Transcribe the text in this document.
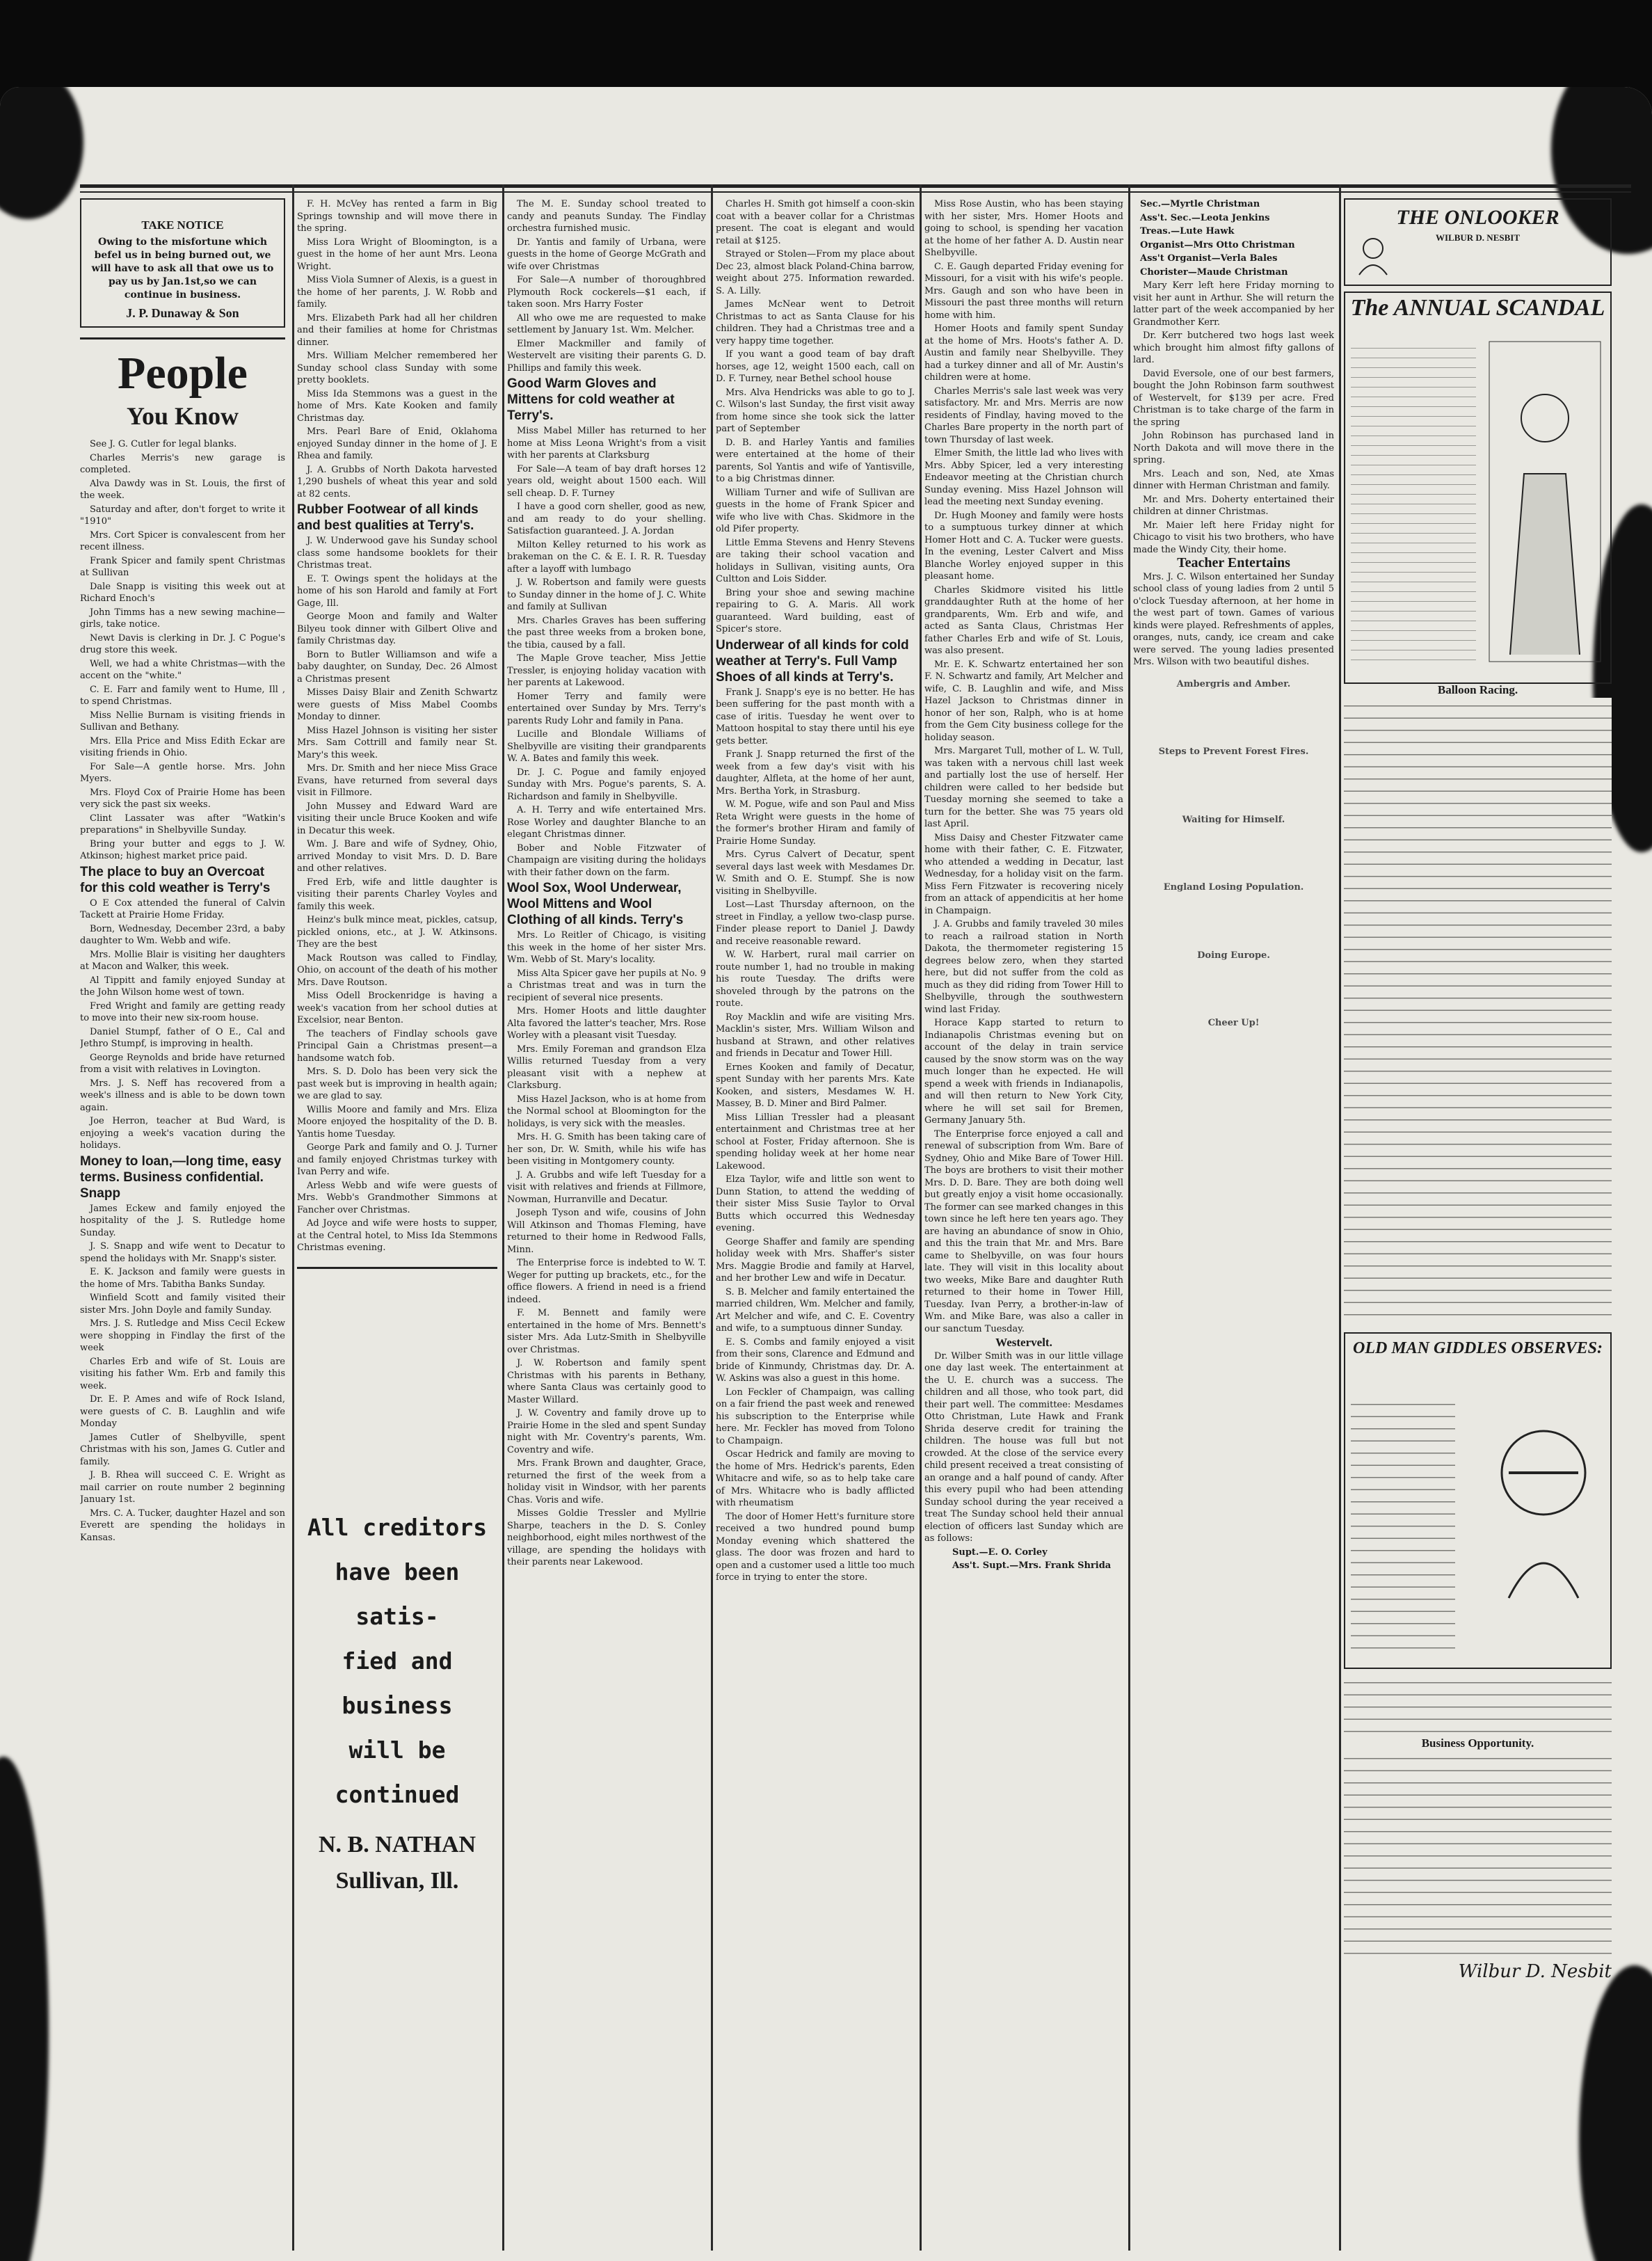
TAKE NOTICE
Owing to the misfortune which befel us in being burned out, we will have to ask all that owe us to pay us by Jan.1st,so we can continue in business.
J. P. Dunaway & Son
People
You Know

See J. G. Cutler for legal blanks.

Charles Merris's new garage is completed.

Alva Dawdy was in St. Louis, the first of the week.

Saturday and after, don't forget to write it "1910"

Mrs. Cort Spicer is convalescent from her recent illness.

Frank Spicer and family spent Christmas at Sullivan

Dale Snapp is visiting this week out at Richard Enoch's

John Timms has a new sewing machine—girls, take notice.

Newt Davis is clerking in Dr. J. C Pogue's drug store this week.

Well, we had a white Christmas—with the accent on the "white."

C. E. Farr and family went to Hume, Ill , to spend Christmas.

Miss Nellie Burnam is visiting friends in Sullivan and Bethany.

Mrs. Ella Price and Miss Edith Eckar are visiting friends in Ohio.

For Sale—A gentle horse. Mrs. John Myers.

Mrs. Floyd Cox of Prairie Home has been very sick the past six weeks.

Clint Lassater was after "Watkin's preparations" in Shelbyville Sunday.

Bring your butter and eggs to J. W. Atkinson; highest market price paid.

The place to buy an Overcoat for this cold weather is Terry's

O E Cox attended the funeral of Calvin Tackett at Prairie Home Friday.

Born, Wednesday, December 23rd, a baby daughter to Wm. Webb and wife.

Mrs. Mollie Blair is visiting her daughters at Macon and Walker, this week.

Al Tippitt and family enjoyed Sunday at the John Wilson home west of town.

Fred Wright and family are getting ready to move into their new six-room house.

Daniel Stumpf, father of O E., Cal and Jethro Stumpf, is improving in health.

George Reynolds and bride have returned from a visit with relatives in Lovington.

Mrs. J. S. Neff has recovered from a week's illness and is able to be down town again.

Joe Herron, teacher at Bud Ward, is enjoying a week's vacation during the holidays.

Money to loan,—long time, easy terms. Business confidential. Snapp

James Eckew and family enjoyed the hospitality of the J. S. Rutledge home Sunday.

J. S. Snapp and wife went to Decatur to spend the holidays with Mr. Snapp's sister.

E. K. Jackson and family were guests in the home of Mrs. Tabitha Banks Sunday.

Winfield Scott and family visited their sister Mrs. John Doyle and family Sunday.

Mrs. J. S. Rutledge and Miss Cecil Eckew were shopping in Findlay the first of the week

Charles Erb and wife of St. Louis are visiting his father Wm. Erb and family this week.

Dr. E. P. Ames and wife of Rock Island, were guests of C. B. Laughlin and wife Monday

James Cutler of Shelbyville, spent Christmas with his son, James G. Cutler and family.

J. B. Rhea will succeed C. E. Wright as mail carrier on route number 2 beginning January 1st.

Mrs. C. A. Tucker, daughter Hazel and son Everett are spending the holidays in Kansas.

F. H. McVey has rented a farm in Big Springs township and will move there in the spring.

Miss Lora Wright of Bloomington, is a guest in the home of her aunt Mrs. Leona Wright.

Miss Viola Sumner of Alexis, is a guest in the home of her parents, J. W. Robb and family.

Mrs. Elizabeth Park had all her children and their families at home for Christmas dinner.

Mrs. William Melcher remembered her Sunday school class Sunday with some pretty booklets.

Miss Ida Stemmons was a guest in the home of Mrs. Kate Kooken and family Christmas day.

Mrs. Pearl Bare of Enid, Oklahoma enjoyed Sunday dinner in the home of J. E Rhea and family.

J. A. Grubbs of North Dakota harvested 1,290 bushels of wheat this year and sold at 82 cents.

Rubber Footwear of all kinds and best qualities at Terry's.

J. W. Underwood gave his Sunday school class some handsome booklets for their Christmas treat.

E. T. Owings spent the holidays at the home of his son Harold and family at Fort Gage, Ill.

George Moon and family and Walter Bilyeu took dinner with Gilbert Olive and family Christmas day.

Born to Butler Williamson and wife a baby daughter, on Sunday, Dec. 26 Almost a Christmas present

Misses Daisy Blair and Zenith Schwartz were guests of Miss Mabel Coombs Monday to dinner.

Miss Hazel Johnson is visiting her sister Mrs. Sam Cottrill and family near St. Mary's this week.

Mrs. Dr. Smith and her niece Miss Grace Evans, have returned from several days visit in Fillmore.

John Mussey and Edward Ward are visiting their uncle Bruce Kooken and wife in Decatur this week.

Wm. J. Bare and wife of Sydney, Ohio, arrived Monday to visit Mrs. D. D. Bare and other relatives.

Fred Erb, wife and little daughter is visiting their parents Charley Voyles and family this week.

Heinz's bulk mince meat, pickles, catsup, pickled onions, etc., at J. W. Atkinsons. They are the best

Mack Routson was called to Findlay, Ohio, on account of the death of his mother Mrs. Dave Routson.

Miss Odell Brockenridge is having a week's vacation from her school duties at Excelsior, near Benton.

The teachers of Findlay schools gave Principal Gain a Christmas present—a handsome watch fob.

Mrs. S. D. Dolo has been very sick the past week but is improving in health again; we are glad to say.

Willis Moore and family and Mrs. Eliza Moore enjoyed the hospitality of the D. B. Yantis home Tuesday.

George Park and family and O. J. Turner and family enjoyed Christmas turkey with Ivan Perry and wife.

Arless Webb and wife were guests of Mrs. Webb's Grandmother Simmons at Fancher over Christmas.

Ad Joyce and wife were hosts to supper, at the Central hotel, to Miss Ida Stemmons Christmas evening.

All creditors
have been satis-
fied and business
will be continued
N. B. NATHAN
Sullivan, Ill.

The M. E. Sunday school treated to candy and peanuts Sunday. The Findlay orchestra furnished music.

Dr. Yantis and family of Urbana, were guests in the home of George McGrath and wife over Christmas

For Sale—A number of thoroughbred Plymouth Rock cockerels—$1 each, if taken soon. Mrs Harry Foster

All who owe me are requested to make settlement by January 1st. Wm. Melcher.

Elmer Mackmiller and family of Westervelt are visiting their parents G. D. Phillips and family this week.

Good Warm Gloves and Mittens for cold weather at Terry's.

Miss Mabel Miller has returned to her home at Miss Leona Wright's from a visit with her parents at Clarksburg

For Sale—A team of bay draft horses 12 years old, weight about 1500 each. Will sell cheap. D. F. Turney

I have a good corn sheller, good as new, and am ready to do your shelling. Satisfaction guaranteed. J. A. Jordan

Milton Kelley returned to his work as brakeman on the C. & E. I. R. R. Tuesday after a layoff with lumbago

J. W. Robertson and family were guests to Sunday dinner in the home of J. C. White and family at Sullivan

Mrs. Charles Graves has been suffering the past three weeks from a broken bone, the tibia, caused by a fall.

The Maple Grove teacher, Miss Jettie Tressler, is enjoying holiday vacation with her parents at Lakewood.

Homer Terry and family were entertained over Sunday by Mrs. Terry's parents Rudy Lohr and family in Pana.

Lucille and Blondale Williams of Shelbyville are visiting their grandparents W. A. Bates and family this week.

Dr. J. C. Pogue and family enjoyed Sunday with Mrs. Pogue's parents, S. A. Richardson and family in Shelbyville.

A. H. Terry and wife entertained Mrs. Rose Worley and daughter Blanche to an elegant Christmas dinner.

Bober and Noble Fitzwater of Champaign are visiting during the holidays with their father down on the farm.

Wool Sox, Wool Underwear, Wool Mittens and Wool Clothing of all kinds. Terry's

Mrs. Lo Reitler of Chicago, is visiting this week in the home of her sister Mrs. Wm. Webb of St. Mary's locality.

Miss Alta Spicer gave her pupils at No. 9 a Christmas treat and was in turn the recipient of several nice presents.

Mrs. Homer Hoots and little daughter Alta favored the latter's teacher, Mrs. Rose Worley with a pleasant visit Tuesday.

Mrs. Emily Foreman and grandson Elza Willis returned Tuesday from a very pleasant visit with a nephew at Clarksburg.

Miss Hazel Jackson, who is at home from the Normal school at Bloomington for the holidays, is very sick with the measles.

Mrs. H. G. Smith has been taking care of her son, Dr. W. Smith, while his wife has been visiting in Montgomery county.

J. A. Grubbs and wife left Tuesday for a visit with relatives and friends at Fillmore, Nowman, Hurranville and Decatur.

Joseph Tyson and wife, cousins of John Will Atkinson and Thomas Fleming, have returned to their home in Redwood Falls, Minn.

The Enterprise force is indebted to W. T. Weger for putting up brackets, etc., for the office flowers. A friend in need is a friend indeed.

F. M. Bennett and family were entertained in the home of Mrs. Bennett's sister Mrs. Ada Lutz-Smith in Shelbyville over Christmas.

J. W. Robertson and family spent Christmas with his parents in Bethany, where Santa Claus was certainly good to Master Willard.

J. W. Coventry and family drove up to Prairie Home in the sled and spent Sunday night with Mr. Coventry's parents, Wm. Coventry and wife.

Mrs. Frank Brown and daughter, Grace, returned the first of the week from a holiday visit in Windsor, with her parents Chas. Voris and wife.

Misses Goldie Tressler and Myllrie Sharpe, teachers in the D. S. Conley neighborhood, eight miles northwest of the village, are spending the holidays with their parents near Lakewood.

Charles H. Smith got himself a coon-skin coat with a beaver collar for a Christmas present. The coat is elegant and would retail at $125.

Strayed or Stolen—From my place about Dec 23, almost black Poland-China barrow, weight about 275. Information rewarded. S. A. Lilly.

James McNear went to Detroit Christmas to act as Santa Clause for his children. They had a Christmas tree and a very happy time together.

If you want a good team of bay draft horses, age 12, weight 1500 each, call on D. F. Turney, near Bethel school house

Mrs. Alva Hendricks was able to go to J. C. Wilson's last Sunday, the first visit away from home since she took sick the latter part of September

D. B. and Harley Yantis and families were entertained at the home of their parents, Sol Yantis and wife of Yantisville, to a big Christmas dinner.

William Turner and wife of Sullivan are guests in the home of Frank Spicer and wife who live with Chas. Skidmore in the old Pifer property.

Little Emma Stevens and Henry Stevens are taking their school vacation and holidays in Sullivan, visiting aunts, Ora Cultton and Lois Sidder.

Bring your shoe and sewing machine repairing to G. A. Maris. All work guaranteed. Ward building, east of Spicer's store.

Underwear of all kinds for cold weather at Terry's. Full Vamp Shoes of all kinds at Terry's.

Frank J. Snapp's eye is no better. He has been suffering for the past month with a case of iritis. Tuesday he went over to Mattoon hospital to stay there until his eye gets better.

Frank J. Snapp returned the first of the week from a few day's visit with his daughter, Alfleta, at the home of her aunt, Mrs. Bertha York, in Strasburg.

W. M. Pogue, wife and son Paul and Miss Reta Wright were guests in the home of the former's brother Hiram and family of Prairie Home Sunday.

Mrs. Cyrus Calvert of Decatur, spent several days last week with Mesdames Dr. W. Smith and O. E. Stumpf. She is now visiting in Shelbyville.

Lost—Last Thursday afternoon, on the street in Findlay, a yellow two-clasp purse. Finder please report to Daniel J. Dawdy and receive reasonable reward.

W. W. Harbert, rural mail carrier on route number 1, had no trouble in making his route Tuesday. The drifts were shoveled through by the patrons on the route.

Roy Macklin and wife are visiting Mrs. Macklin's sister, Mrs. William Wilson and husband at Strawn, and other relatives and friends in Decatur and Tower Hill.

Ernes Kooken and family of Decatur, spent Sunday with her parents Mrs. Kate Kooken, and sisters, Mesdames W. H. Massey, B. D. Miner and Bird Palmer.

Miss Lillian Tressler had a pleasant entertainment and Christmas tree at her school at Foster, Friday afternoon. She is spending holiday week at her home near Lakewood.

Elza Taylor, wife and little son went to Dunn Station, to attend the wedding of their sister Miss Susie Taylor to Orval Butts which occurred this Wednesday evening.

George Shaffer and family are spending holiday week with Mrs. Shaffer's sister Mrs. Maggie Brodie and family at Harvel, and her brother Lew and wife in Decatur.

S. B. Melcher and family entertained the married children, Wm. Melcher and family, Art Melcher and wife, and C. E. Coventry and wife, to a sumptuous dinner Sunday.

E. S. Combs and family enjoyed a visit from their sons, Clarence and Edmund and bride of Kinmundy, Christmas day. Dr. A. W. Askins was also a guest in this home.

Lon Feckler of Champaign, was calling on a fair friend the past week and renewed his subscription to the Enterprise while here. Mr. Feckler has moved from Tolono to Champaign.

Oscar Hedrick and family are moving to the home of Mrs. Hedrick's parents, Eden Whitacre and wife, so as to help take care of Mrs. Whitacre who is badly afflicted with rheumatism

The door of Homer Hett's furniture store received a two hundred pound bump Monday evening which shattered the glass. The door was frozen and hard to open and a customer used a little too much force in trying to enter the store.

Miss Rose Austin, who has been staying with her sister, Mrs. Homer Hoots and going to school, is spending her vacation at the home of her father A. D. Austin near Shelbyville.

C. E. Gaugh departed Friday evening for Missouri, for a visit with his wife's people. Mrs. Gaugh and son who have been in Missouri the past three months will return home with him.

Homer Hoots and family spent Sunday at the home of Mrs. Hoots's father A. D. Austin and family near Shelbyville. They had a turkey dinner and all of Mr. Austin's children were at home.

Charles Merris's sale last week was very satisfactory. Mr. and Mrs. Merris are now residents of Findlay, having moved to the Charles Bare property in the north part of town Thursday of last week.

Elmer Smith, the little lad who lives with Mrs. Abby Spicer, led a very interesting Endeavor meeting at the Christian church Sunday evening. Miss Hazel Johnson will lead the meeting next Sunday evening.

Dr. Hugh Mooney and family were hosts to a sumptuous turkey dinner at which Homer Hott and C. A. Tucker were guests. In the evening, Lester Calvert and Miss Blanche Worley enjoyed supper in this pleasant home.

Charles Skidmore visited his little granddaughter Ruth at the home of her grandparents, Wm. Erb and wife, and acted as Santa Claus, Christmas Her father Charles Erb and wife of St. Louis, was also present.

Mr. E. K. Schwartz entertained her son F. N. Schwartz and family, Art Melcher and wife, C. B. Laughlin and wife, and Miss Hazel Jackson to Christmas dinner in honor of her son, Ralph, who is at home from the Gem City business college for the holiday season.

Mrs. Margaret Tull, mother of L. W. Tull, was taken with a nervous chill last week and partially lost the use of herself. Her children were called to her bedside but Tuesday morning she seemed to take a turn for the better. She was 75 years old last April.

Miss Daisy and Chester Fitzwater came home with their father, C. E. Fitzwater, who attended a wedding in Decatur, last Wednesday, for a holiday visit on the farm. Miss Fern Fitzwater is recovering nicely from an attack of appendicitis at her home in Champaign.

J. A. Grubbs and family traveled 30 miles to reach a railroad station in North Dakota, the thermometer registering 15 degrees below zero, when they started here, but did not suffer from the cold as much as they did riding from Tower Hill to Shelbyville, through the southwestern wind last Friday.

Horace Kapp started to return to Indianapolis Christmas evening but on account of the delay in train service caused by the snow storm was on the way much longer than he expected. He will spend a week with friends in Indianapolis, and will then return to New York City, where he will set sail for Bremen, Germany January 5th.

The Enterprise force enjoyed a call and renewal of subscription from Wm. Bare of Sydney, Ohio and Mike Bare of Tower Hill. The boys are brothers to visit their mother Mrs. D. D. Bare. They are both doing well but greatly enjoy a visit home occasionally. The former can see marked changes in this town since he left here ten years ago. They are having an abundance of snow in Ohio, and this the train that Mr. and Mrs. Bare came to Shelbyville, on was four hours late. They will visit in this locality about two weeks, Mike Bare and daughter Ruth returned to their home in Tower Hill, Tuesday. Ivan Perry, a brother-in-law of Wm. and Mike Bare, was also a caller in our sanctum Tuesday.

Westervelt.

Dr. Wilber Smith was in our little village one day last week. The entertainment at the U. E. church was a success. The children and all those, who took part, did their part well. The committee: Mesdames Otto Christman, Lute Hawk and Frank Shrida deserve credit for training the children. The house was full but not crowded. At the close of the service every child present received a treat consisting of an orange and a half pound of candy. After this every pupil who had been attending Sunday school during the year received a treat The Sunday school held their annual election of officers last Sunday which are as follows:

Supt.—E. O. Corley

Ass't. Supt.—Mrs. Frank Shrida

Sec.—Myrtle Christman

Ass't. Sec.—Leota Jenkins

Treas.—Lute Hawk

Organist—Mrs Otto Christman

Ass't Organist—Verla Bales

Chorister—Maude Christman

Mary Kerr left here Friday morning to visit her aunt in Arthur. She will return the latter part of the week accompanied by her Grandmother Kerr.

Dr. Kerr butchered two hogs last week which brought him almost fifty gallons of lard.

David Eversole, one of our best farmers, bought the John Robinson farm southwest of Westervelt, for $139 per acre. Fred Christman is to take charge of the farm in the spring

John Robinson has purchased land in North Dakota and will move there in the spring.

Mrs. Leach and son, Ned, ate Xmas dinner with Herman Christman and family.

Mr. and Mrs. Doherty entertained their children at dinner Christmas.

Mr. Maier left here Friday night for Chicago to visit his two brothers, who have made the Windy City, their home.

Teacher Entertains

Mrs. J. C. Wilson entertained her Sunday school class of young ladies from 2 until 5 o'clock Tuesday afternoon, at her home in the west part of town. Games of various kinds were played. Refreshments of apples, oranges, nuts, candy, ice cream and cake were served. The young ladies presented Mrs. Wilson with two beautiful dishes.

Ambergris and Amber.

Steps to Prevent Forest Fires.

Waiting for Himself.

England Losing Population.

Doing Europe.

Cheer Up!

THE ONLOOKER
WILBUR D. NESBIT
The ANNUAL SCANDAL

Balloon Racing.

OLD MAN GIDDLES OBSERVES:

Business Opportunity.

Wilbur D. Nesbit
